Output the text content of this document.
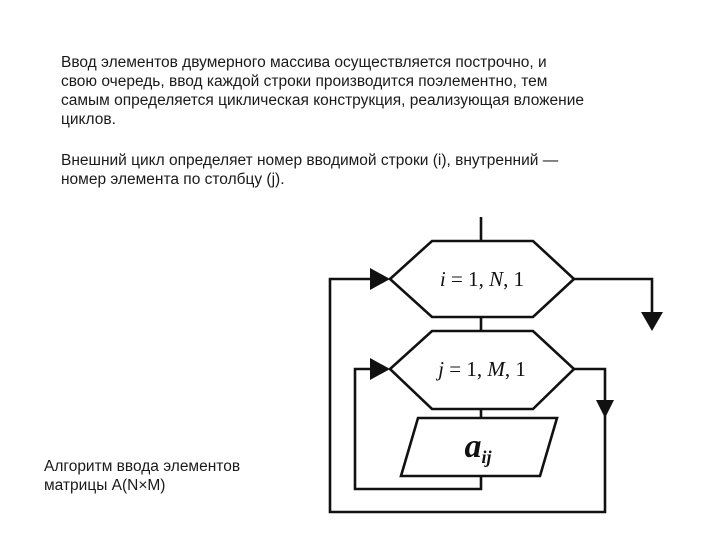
Ввод элементов двумерного массива осуществляется построчно, и
свою очередь, ввод каждой строки производится поэлементно, тем
самым определяется циклическая конструкция, реализующая вложение
циклов.
Внешний цикл определяет номер вводимой строки (i), внутренний —
номер элемента по столбцу (j).
Алгоритм ввода элементов
матрицы A(N×M)
i = 1, N, 1
j = 1, M, 1
aij
